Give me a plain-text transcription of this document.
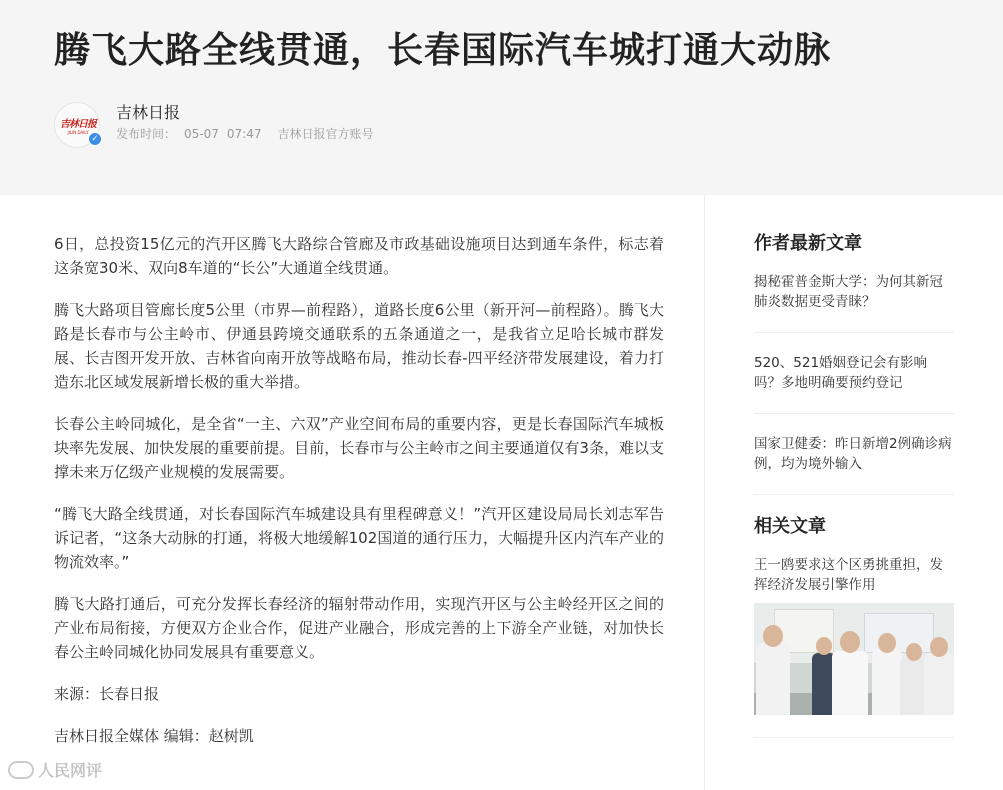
腾飞大路全线贯通，长春国际汽车城打通大动脉
吉林日报
JILIN DAILY
✓
吉林日报
发布时间： 05-07 07:47 吉林日报官方账号

6日，总投资15亿元的汽开区腾飞大路综合管廊及市政基础设施项目达到通车条件，标志着这条宽30米、双向8车道的“长公”大通道全线贯通。

腾飞大路项目管廊长度5公里（市界—前程路），道路长度6公里（新开河—前程路）。腾飞大路是长春市与公主岭市、伊通县跨境交通联系的五条通道之一，是我省立足哈长城市群发展、长吉图开发开放、吉林省向南开放等战略布局，推动长春-四平经济带发展建设，着力打造东北区域发展新增长极的重大举措。

长春公主岭同城化，是全省“一主、六双”产业空间布局的重要内容，更是长春国际汽车城板块率先发展、加快发展的重要前提。目前，长春市与公主岭市之间主要通道仅有3条，难以支撑未来万亿级产业规模的发展需要。

“腾飞大路全线贯通，对长春国际汽车城建设具有里程碑意义！”汽开区建设局局长刘志军告诉记者，“这条大动脉的打通，将极大地缓解102国道的通行压力，大幅提升区内汽车产业的物流效率。”

腾飞大路打通后，可充分发挥长春经济的辐射带动作用，实现汽开区与公主岭经开区之间的产业布局衔接，方便双方企业合作，促进产业融合，形成完善的上下游全产业链，对加快长春公主岭同城化协同发展具有重要意义。

来源：长春日报

吉林日报全媒体 编辑：赵树凯

作者最新文章
揭秘霍普金斯大学：为何其新冠肺炎数据更受青睐？
520、521婚姻登记会有影响吗？多地明确要预约登记
国家卫健委：昨日新增2例确诊病例，均为境外输入
相关文章
王一鸥要求这个区勇挑重担，发挥经济发展引擎作用
人民网评
